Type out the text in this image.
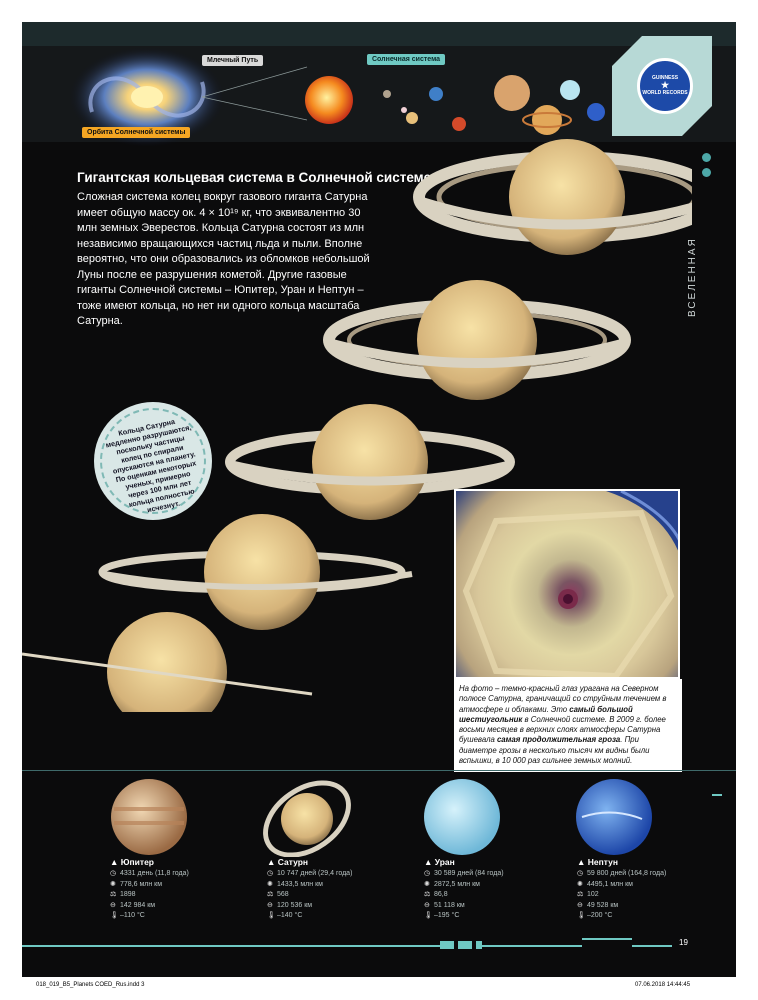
Млечный Путь
Орбита Солнечной системы
Солнечная система
GUINNESS
★
WORLD RECORDS
ВСЕЛЕННАЯ
Гигантская кольцевая система в Солнечной системе
Сложная система колец вокруг газового гиганта Сатурна имеет общую массу ок. 4 × 10¹⁹ кг, что эквивалентно 30 млн земных Эверестов. Кольца Сатурна состоят из млн независимо вращающихся частиц льда и пыли. Вполне вероятно, что они образовались из обломков небольшой Луны после ее разрушения кометой. Другие газовые гиганты Солнечной системы – Юпитер, Уран и Нептун – тоже имеют кольца, но нет ни одного кольца масштаба Сатурна.
Кольца Сатурна медленно разрушаются, поскольку частицы колец по спирали опускаются на планету. По оценкам некоторых ученых, примерно через 100 млн лет кольца полностью исчезнут.
На фото – темно-красный глаз урагана на Северном полюсе Сатурна, граничащий со струйным течением в атмосфере и облаками. Это самый большой шестиугольник в Солнечной системе. В 2009 г. более восьми месяцев в верхних слоях атмосферы Сатурна бушевала самая продолжительная гроза. При диаметре грозы в несколько тысяч км видны были вспышки, в 10 000 раз сильнее земных молний.
▲ Юпитер
◷ 4331 день (11,8 года)
✺ 778,6 млн км
⚖ 1898
⊖ 142 984 км
🌡–110 °C
▲ Сатурн
◷ 10 747 дней (29,4 года)
✺ 1433,5 млн км
⚖ 568
⊖ 120 536 км
🌡–140 °C
▲ Уран
◷ 30 589 дней (84 года)
✺ 2872,5 млн км
⚖ 86,8
⊖ 51 118 км
🌡–195 °C
▲ Нептун
◷ 59 800 дней (164,8 года)
✺ 4495,1 млн км
⚖ 102
⊖ 49 528 км
🌡–200 °C
19
018_019_B5_Planets COED_Rus.indd 3	07.06.2018 14:44:45
